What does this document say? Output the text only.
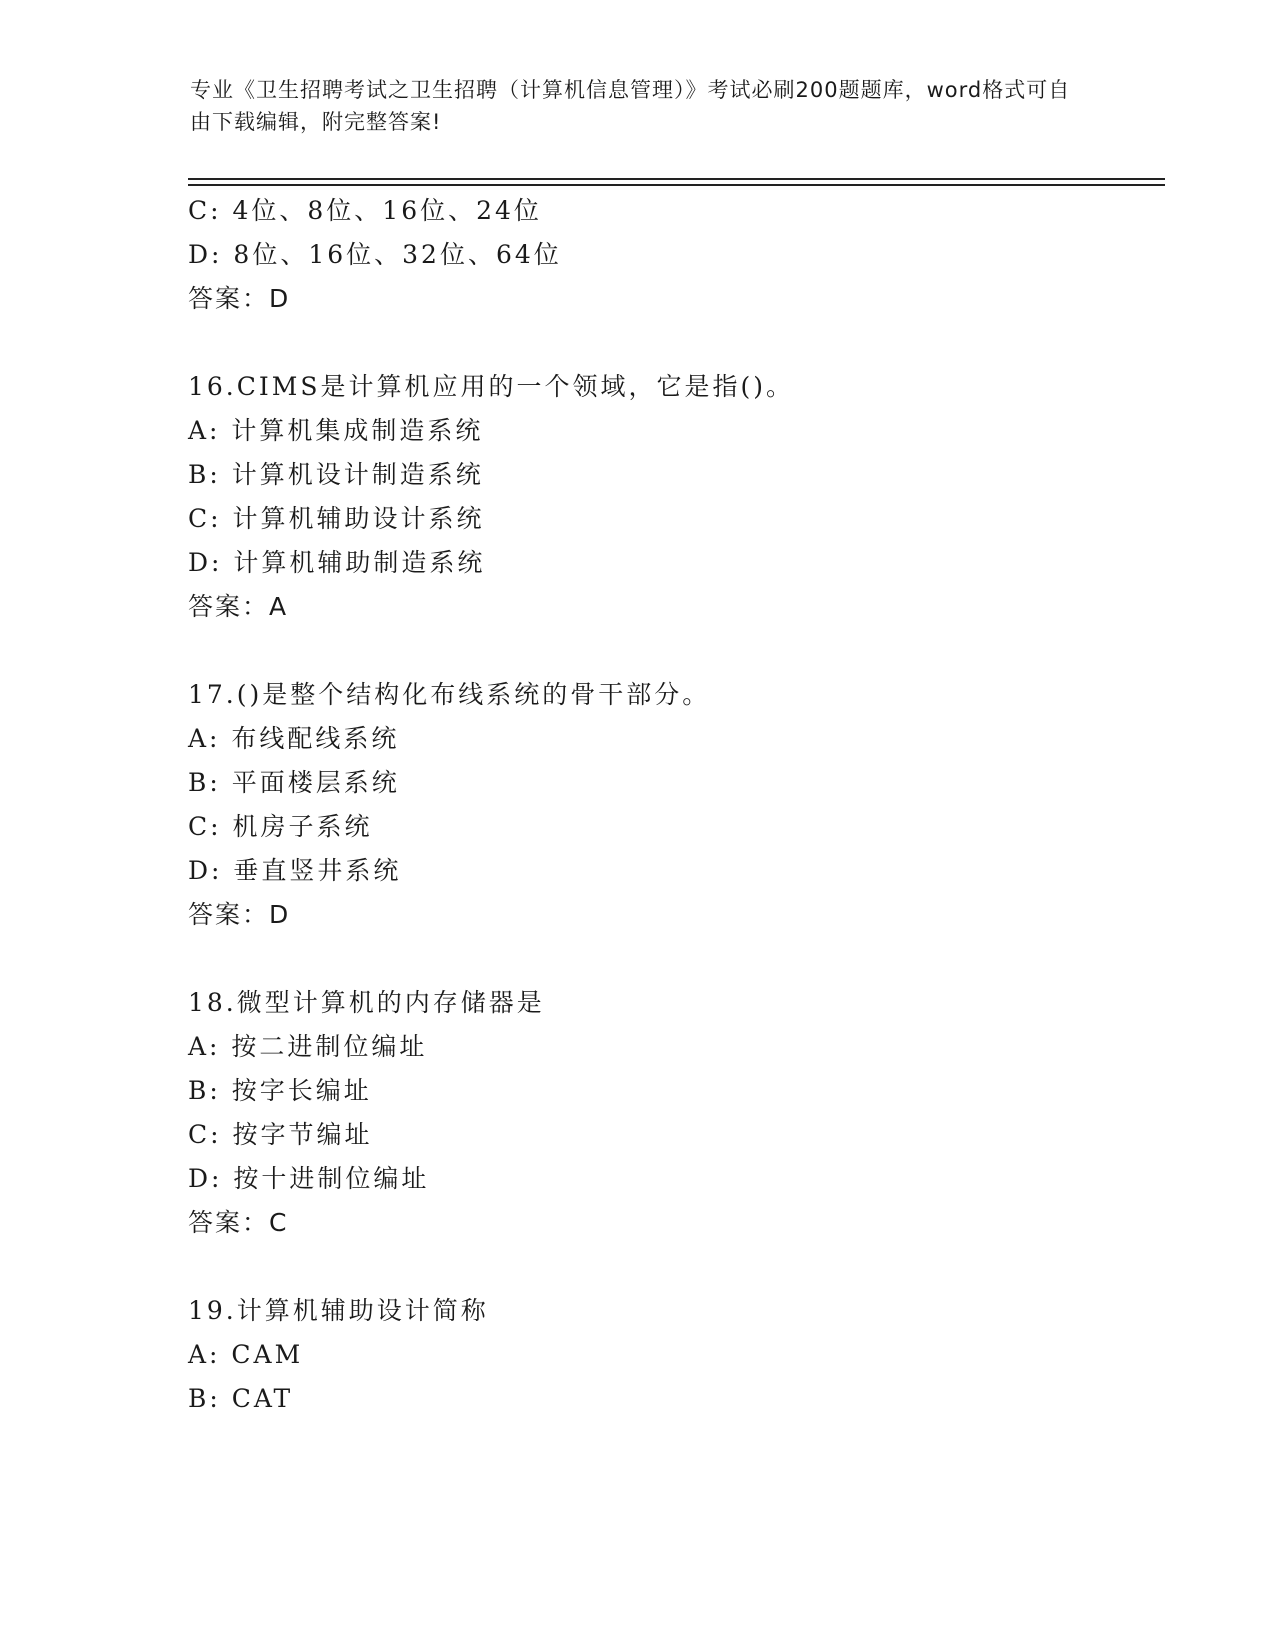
专业《卫生招聘考试之卫生招聘（计算机信息管理）》考试必刷200题题库，word格式可自由下载编辑，附完整答案!
C: 4位、8位、16位、24位
D: 8位、16位、32位、64位
答案：D
16.CIMS是计算机应用的一个领域，它是指()。
A: 计算机集成制造系统
B: 计算机设计制造系统
C: 计算机辅助设计系统
D: 计算机辅助制造系统
答案：A
17.()是整个结构化布线系统的骨干部分。
A: 布线配线系统
B: 平面楼层系统
C: 机房子系统
D: 垂直竖井系统
答案：D
18.微型计算机的内存储器是
A: 按二进制位编址
B: 按字长编址
C: 按字节编址
D: 按十进制位编址
答案：C
19.计算机辅助设计简称
A: CAM
B: CAT
